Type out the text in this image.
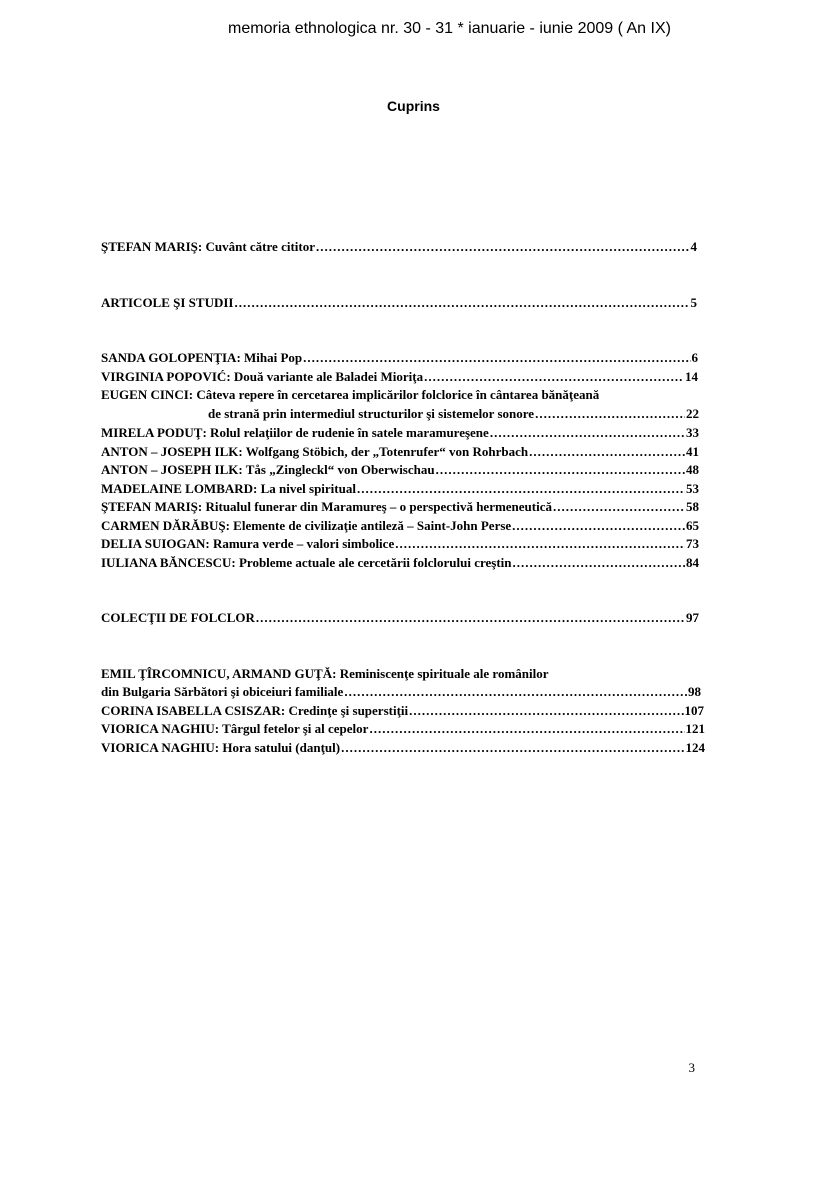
memoria ethnologica nr. 30 - 31 * ianuarie - iunie 2009 ( An IX)
Cuprins
ŞTEFAN MARIŞ: Cuvânt către cititor .....	4
ARTICOLE ŞI STUDII .....	5
SANDA GOLOPENŢIA: Mihai Pop .....	6
VIRGINIA POPOVIĆ: Două variante ale Baladei Mioriţa .....	14
EUGEN CINCI: Câteva repere în cercetarea implicărilor folclorice în cântarea bănăţeană
de strană prin intermediul structurilor şi sistemelor sonore .....	22
MIRELA PODUŢ: Rolul relaţiilor de rudenie în satele maramureşene .....	33
ANTON – JOSEPH ILK: Wolfgang Stöbich, der „Totenrufer“ von Rohrbach .....	41
ANTON – JOSEPH ILK: Tås „Zingleckl“ von Oberwischau .....	48
MADELAINE LOMBARD: La nivel spiritual .....	53
ŞTEFAN MARIŞ: Ritualul funerar din Maramureş – o perspectivă hermeneutică .....	58
CARMEN DĂRĂBUŞ: Elemente de civilizaţie antileză – Saint-John Perse .....	65
DELIA SUIOGAN: Ramura verde – valori simbolice .....	73
IULIANA BĂNCESCU: Probleme actuale ale cercetării folclorului creştin .....	84
COLECŢII DE FOLCLOR .....	97
EMIL ŢÎRCOMNICU, ARMAND GUŢĂ: Reminiscenţe spirituale ale românilor
din Bulgaria Sărbători şi obiceiuri familiale .....	98
CORINA ISABELLA CSISZAR: Credinţe şi superstiţii .....	107
VIORICA NAGHIU: Târgul fetelor şi al cepelor .....	121
VIORICA NAGHIU: Hora satului (danţul) .....	124
3
